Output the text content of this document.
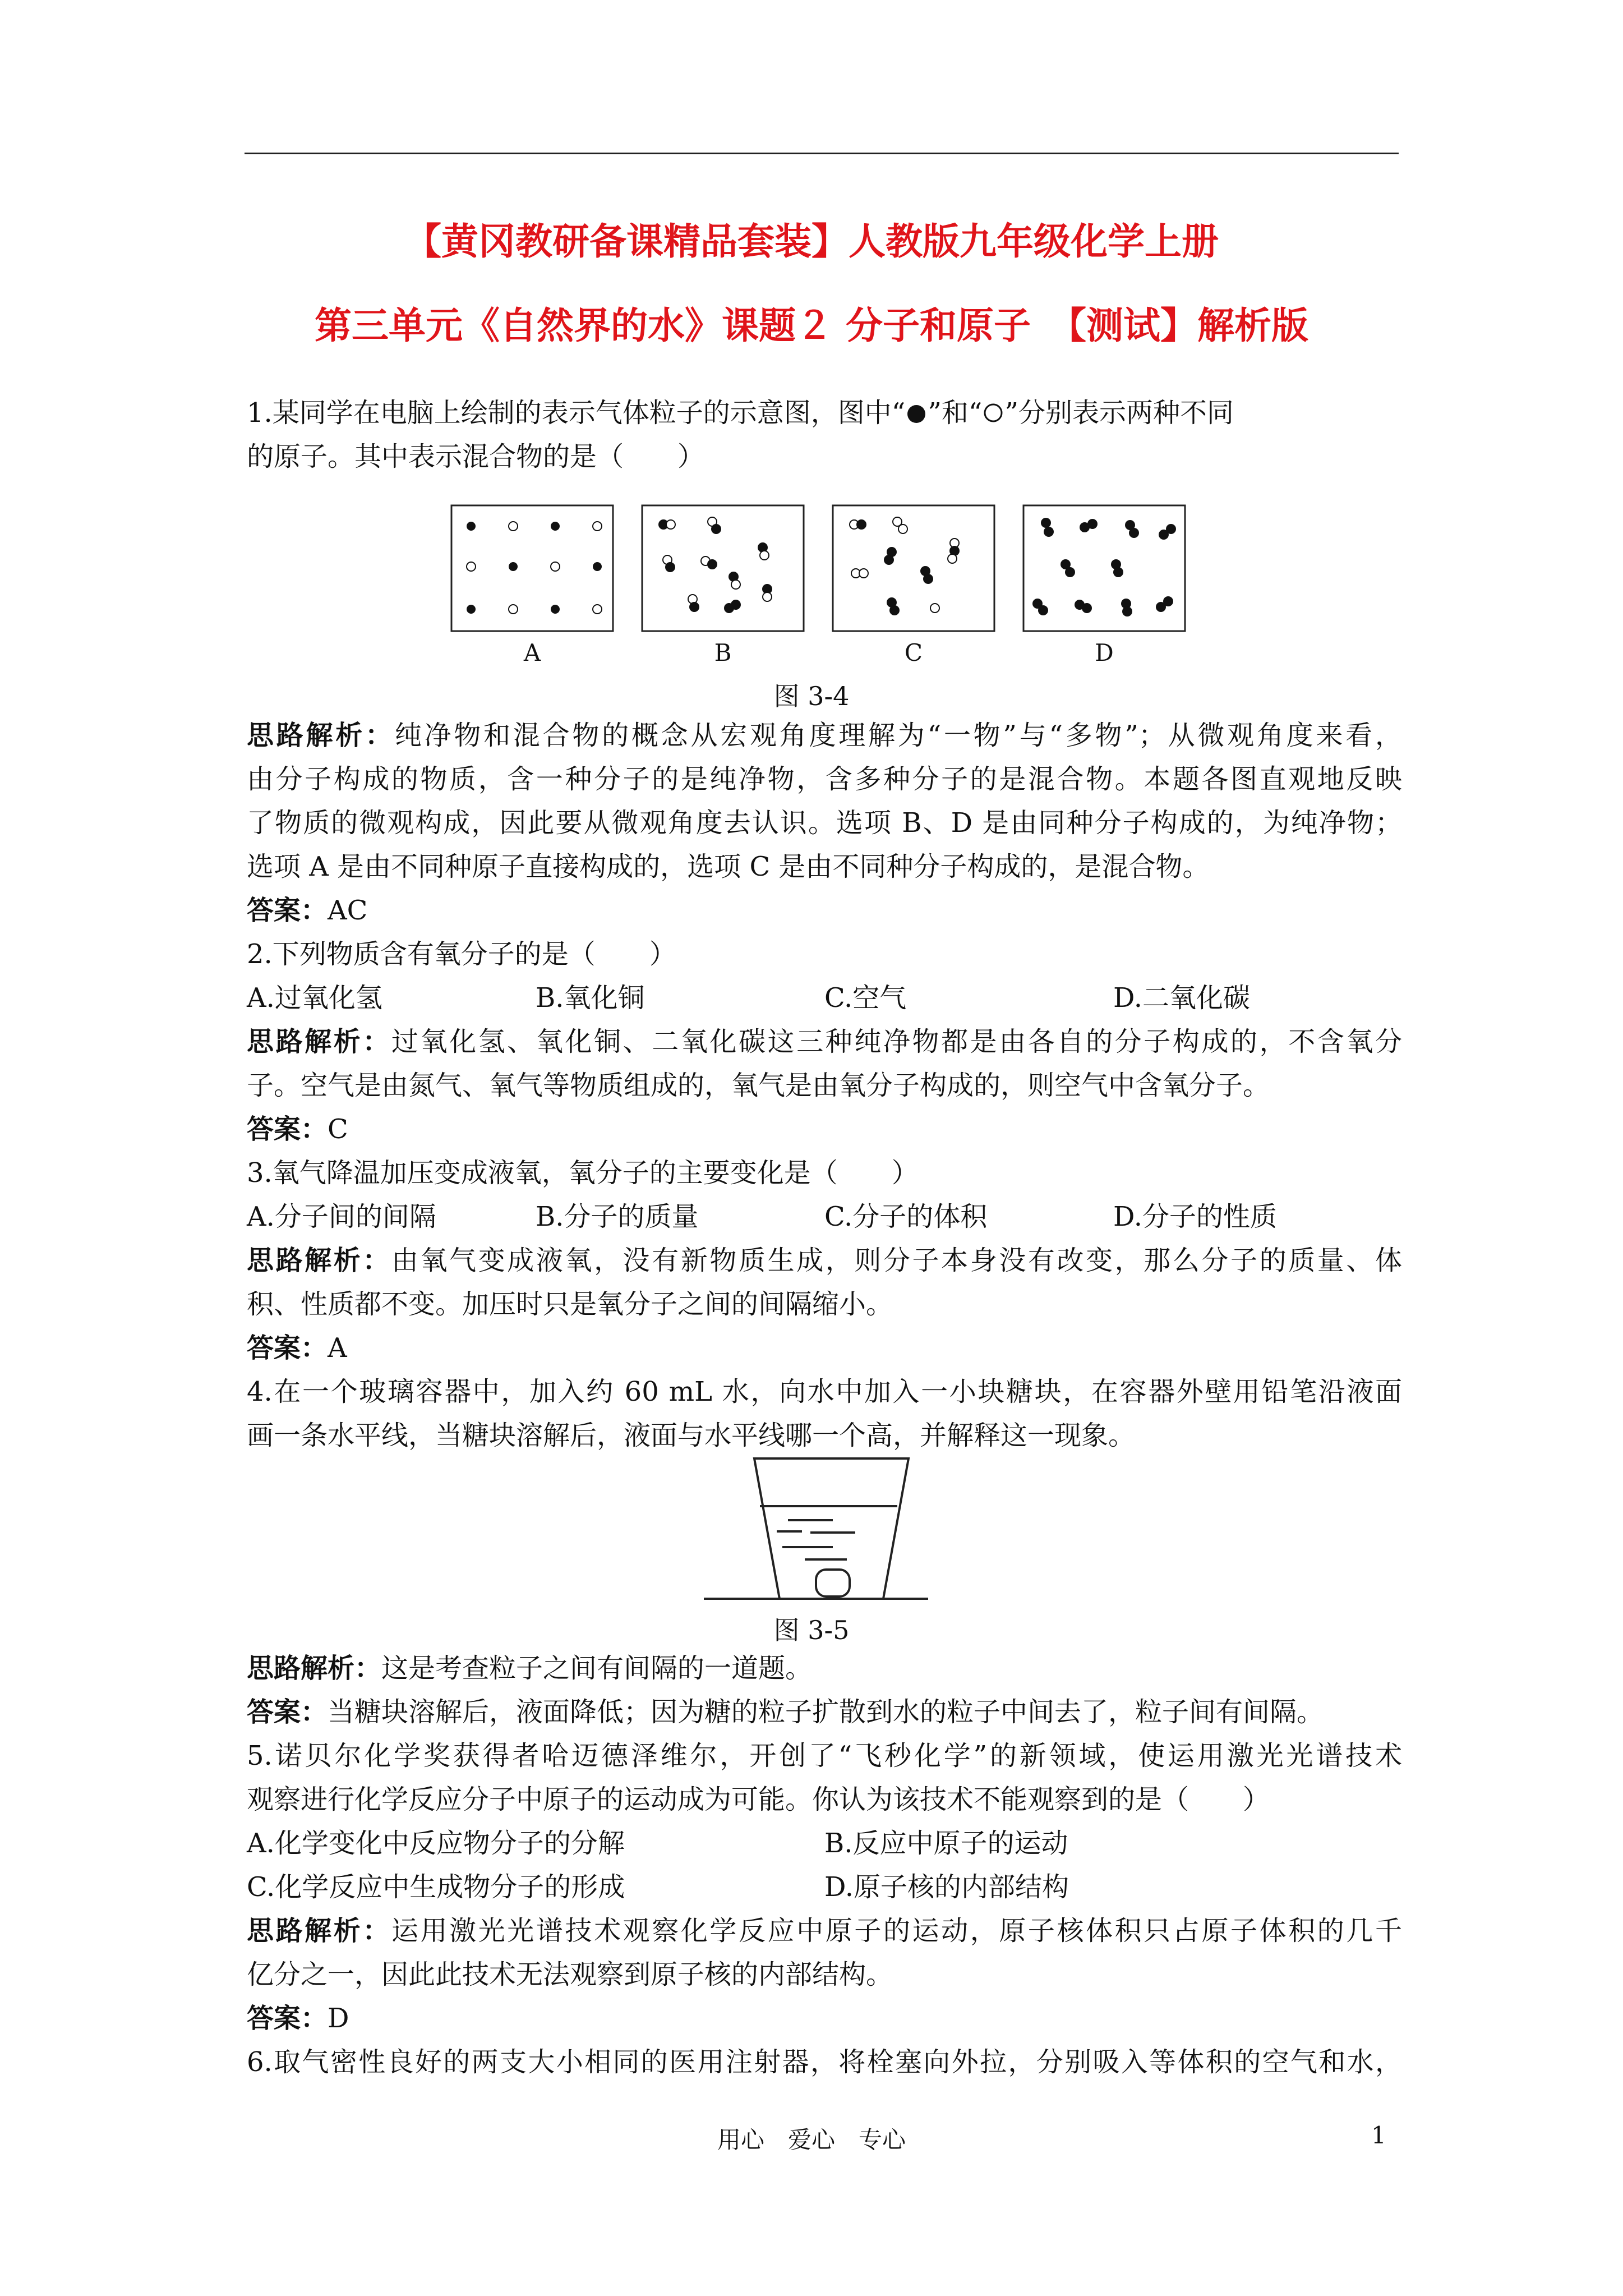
【黄冈教研备课精品套装】人教版九年级化学上册
第三单元《自然界的水》课题２ 分子和原子　【测试】解析版
1.某同学在电脑上绘制的表示气体粒子的示意图，图中“ ”和“ ”分别表示两种不同
的原子。其中表示混合物的是（　　）
A	B	C	D
图 3-4
思路解析：纯净物和混合物的概念从宏观角度理解为“一物”与“多物”；从微观角度来看，
由分子构成的物质，含一种分子的是纯净物，含多种分子的是混合物。本题各图直观地反映
了物质的微观构成，因此要从微观角度去认识。选项 B、D 是由同种分子构成的，为纯净物；
选项 A 是由不同种原子直接构成的，选项 C 是由不同种分子构成的，是混合物。
答案：AC
2.下列物质含有氧分子的是（　　）
A.过氧化氢	B.氧化铜	C.空气	D.二氧化碳
思路解析：过氧化氢、氧化铜、二氧化碳这三种纯净物都是由各自的分子构成的，不含氧分
子。空气是由氮气、氧气等物质组成的，氧气是由氧分子构成的，则空气中含氧分子。
答案：C
3.氧气降温加压变成液氧，氧分子的主要变化是（　　）
A.分子间的间隔	B.分子的质量	C.分子的体积	D.分子的性质
思路解析：由氧气变成液氧，没有新物质生成，则分子本身没有改变，那么分子的质量、体
积、性质都不变。加压时只是氧分子之间的间隔缩小。
答案：A
4.在一个玻璃容器中，加入约 60 mL 水，向水中加入一小块糖块，在容器外壁用铅笔沿液面
画一条水平线，当糖块溶解后，液面与水平线哪一个高，并解释这一现象。
图 3-5
思路解析：这是考查粒子之间有间隔的一道题。
答案：当糖块溶解后，液面降低；因为糖的粒子扩散到水的粒子中间去了，粒子间有间隔。
5.诺贝尔化学奖获得者哈迈德泽维尔，开创了“飞秒化学”的新领域，使运用激光光谱技术
观察进行化学反应分子中原子的运动成为可能。你认为该技术不能观察到的是（　　）
A.化学变化中反应物分子的分解	B.反应中原子的运动
C.化学反应中生成物分子的形成	D.原子核的内部结构
思路解析：运用激光光谱技术观察化学反应中原子的运动，原子核体积只占原子体积的几千
亿分之一，因此此技术无法观察到原子核的内部结构。
答案：D
6.取气密性良好的两支大小相同的医用注射器，将栓塞向外拉，分别吸入等体积的空气和水，
用心　爱心　专心	1
